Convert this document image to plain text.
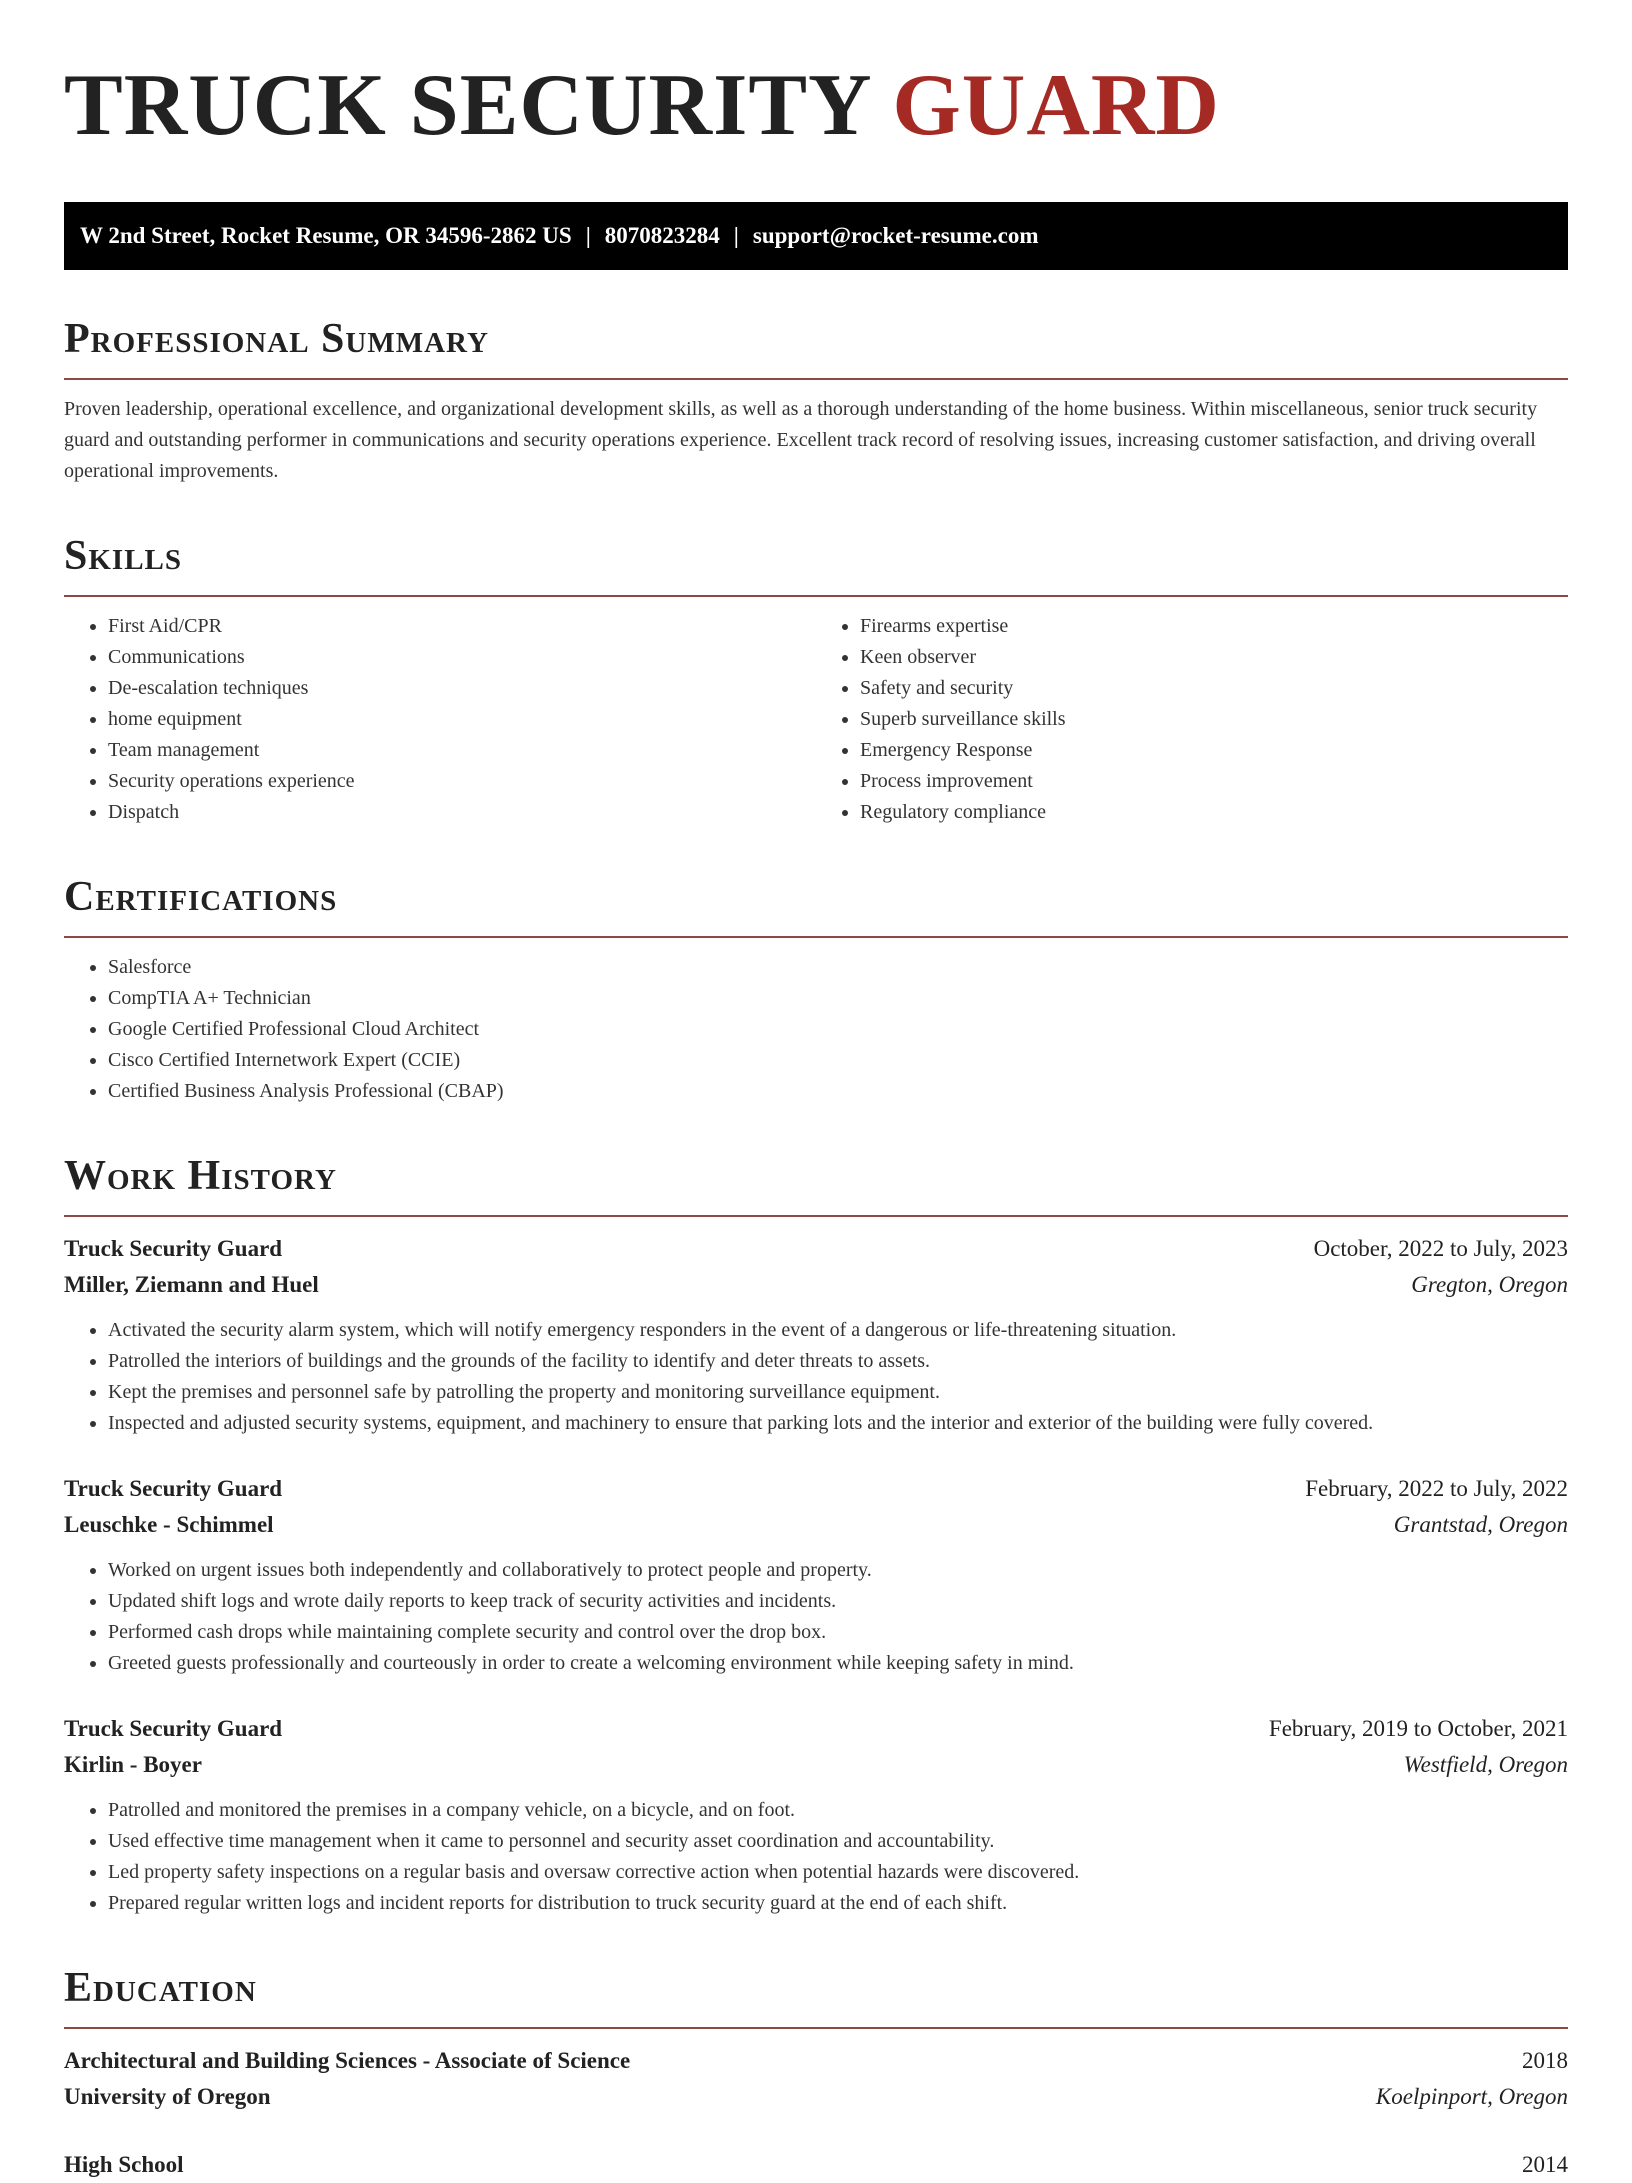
TRUCK SECURITY GUARD
W 2nd Street, Rocket Resume, OR 34596-2862 US | 8070823284 | support@rocket-resume.com
Professional Summary

Proven leadership, operational excellence, and organizational development skills, as well as a thorough understanding of the home business. Within miscellaneous, senior truck security guard and outstanding performer in communications and security operations experience. Excellent track record of resolving issues, increasing customer satisfaction, and driving overall operational improvements.

Skills
• First Aid/CPR
• Communications
• De-escalation techniques
• home equipment
• Team management
• Security operations experience
• Dispatch
• Firearms expertise
• Keen observer
• Safety and security
• Superb surveillance skills
• Emergency Response
• Process improvement
• Regulatory compliance
Certifications
• Salesforce
• CompTIA A+ Technician
• Google Certified Professional Cloud Architect
• Cisco Certified Internetwork Expert (CCIE)
• Certified Business Analysis Professional (CBAP)
Work History
Truck Security Guard	October, 2022 to July, 2023
Miller, Ziemann and Huel	Gregton, Oregon
• Activated the security alarm system, which will notify emergency responders in the event of a dangerous or life-threatening situation.
• Patrolled the interiors of buildings and the grounds of the facility to identify and deter threats to assets.
• Kept the premises and personnel safe by patrolling the property and monitoring surveillance equipment.
• Inspected and adjusted security systems, equipment, and machinery to ensure that parking lots and the interior and exterior of the building were fully covered.
Truck Security Guard	February, 2022 to July, 2022
Leuschke - Schimmel	Grantstad, Oregon
• Worked on urgent issues both independently and collaboratively to protect people and property.
• Updated shift logs and wrote daily reports to keep track of security activities and incidents.
• Performed cash drops while maintaining complete security and control over the drop box.
• Greeted guests professionally and courteously in order to create a welcoming environment while keeping safety in mind.
Truck Security Guard	February, 2019 to October, 2021
Kirlin - Boyer	Westfield, Oregon
• Patrolled and monitored the premises in a company vehicle, on a bicycle, and on foot.
• Used effective time management when it came to personnel and security asset coordination and accountability.
• Led property safety inspections on a regular basis and oversaw corrective action when potential hazards were discovered.
• Prepared regular written logs and incident reports for distribution to truck security guard at the end of each shift.
Education
Architectural and Building Sciences - Associate of Science	2018
University of Oregon	Koelpinport, Oregon
High School	2014
